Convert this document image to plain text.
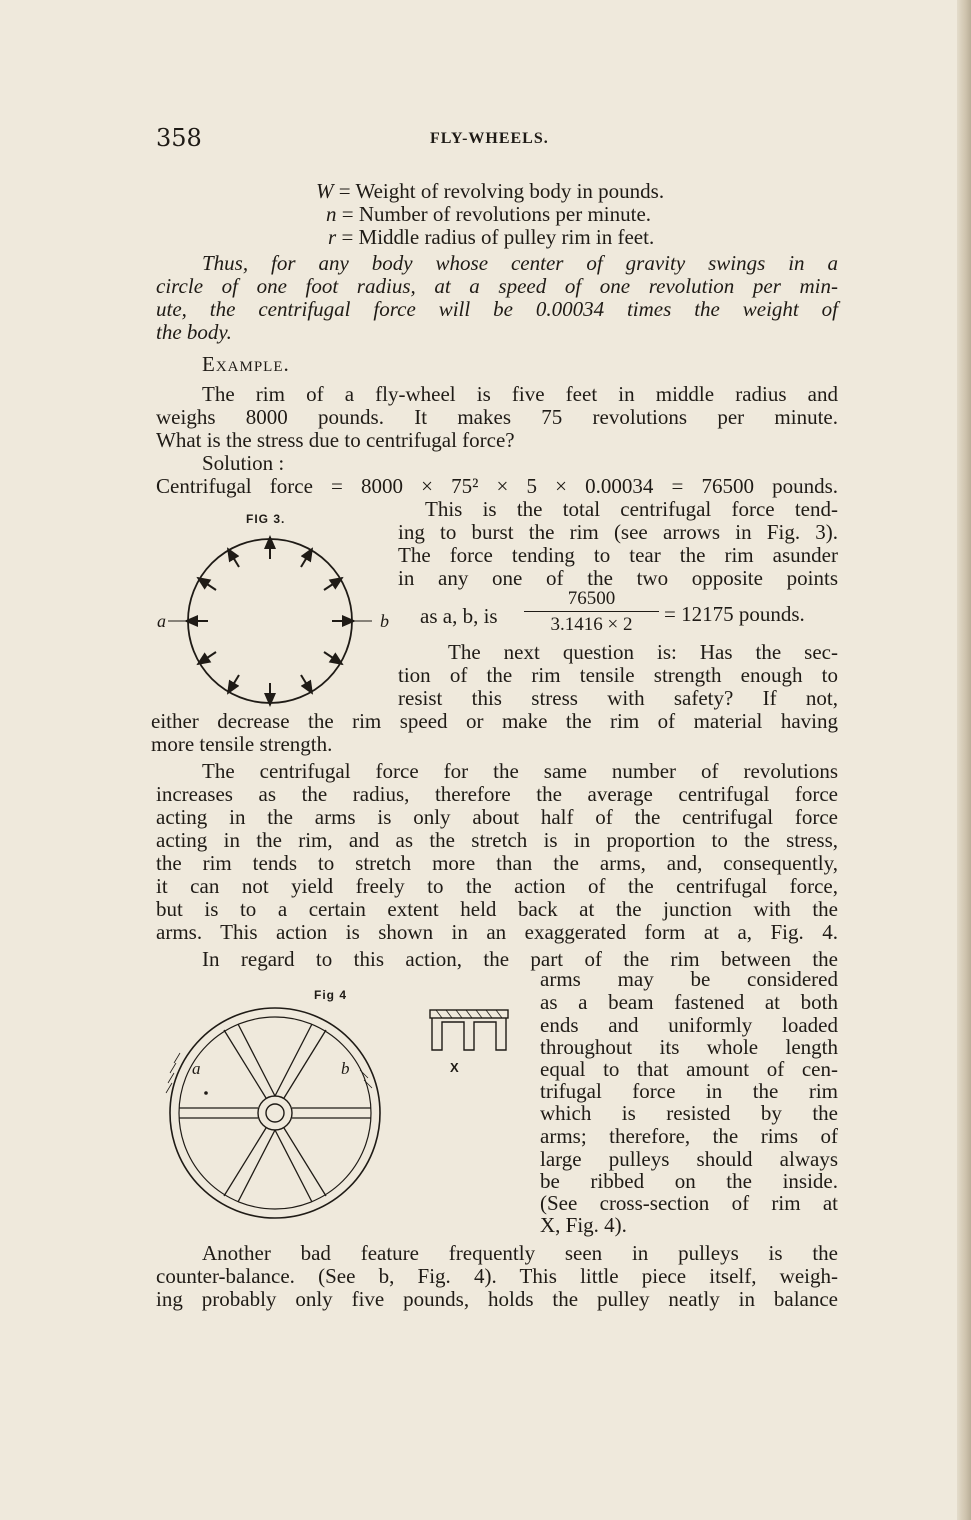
358	FLY-WHEELS.
W = Weight of revolving body in pounds.
n = Number of revolutions per minute.
r = Middle radius of pulley rim in feet.
Thus, for any body whose center of gravity swings in a
circle of one foot radius, at a speed of one revolution per min-
ute, the centrifugal force will be 0.00034 times the weight of
the body.
Example.
The rim of a fly-wheel is five feet in middle radius and
weighs 8000 pounds. It makes 75 revolutions per minute.
What is the stress due to centrifugal force?
Solution :
Centrifugal force = 8000 × 75² × 5 × 0.00034 = 76500 pounds.
FIG 3.
a	b
This is the total centrifugal force tend-
ing to burst the rim (see arrows in Fig. 3).
The force tending to tear the rim asunder
in any one of the two opposite points
as a, b, is
76500
3.1416 × 2	= 12175 pounds.
The next question is: Has the sec-
tion of the rim tensile strength enough to
resist this stress with safety? If not,
either decrease the rim speed or make the rim of material having
more tensile strength.
The centrifugal force for the same number of revolutions
increases as the radius, therefore the average centrifugal force
acting in the arms is only about half of the centrifugal force
acting in the rim, and as the stretch is in proportion to the stress,
the rim tends to stretch more than the arms, and, consequently,
it can not yield freely to the action of the centrifugal force,
but is to a certain extent held back at the junction with the
arms. This action is shown in an exaggerated form at a, Fig. 4.
In regard to this action, the part of the rim between the
Fig 4
a	b	X
arms may be considered
as a beam fastened at both
ends and uniformly loaded
throughout its whole length
equal to that amount of cen-
trifugal force in the rim
which is resisted by the
arms; therefore, the rims of
large pulleys should always
be ribbed on the inside.
(See cross-section of rim at
X, Fig. 4).
Another bad feature frequently seen in pulleys is the
counter-balance. (See b, Fig. 4). This little piece itself, weigh-
ing probably only five pounds, holds the pulley neatly in balance
